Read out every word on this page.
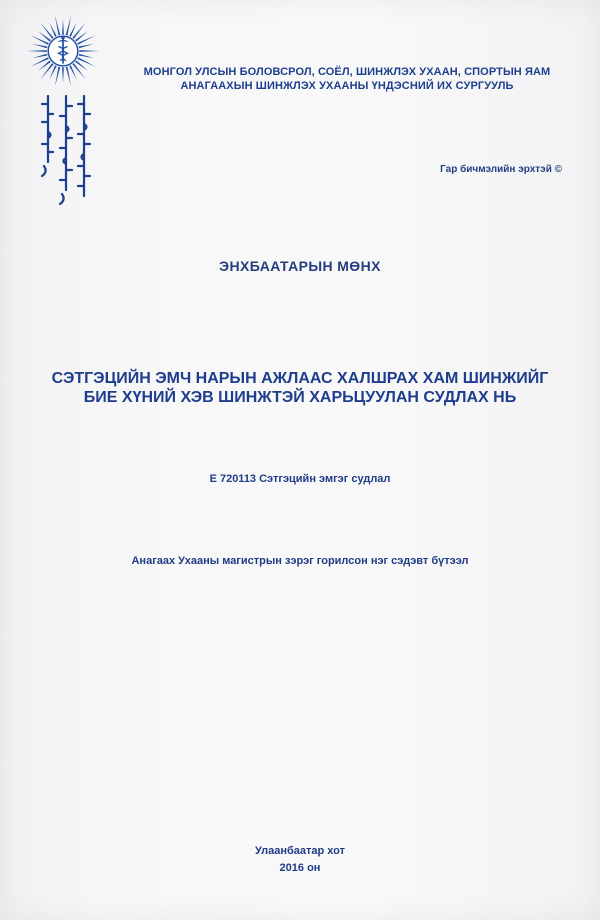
МОНГОЛ УЛСЫН БОЛОВСРОЛ, СОЁЛ, ШИНЖЛЭХ УХААН, СПОРТЫН ЯАМ
АНАГААХЫН ШИНЖЛЭХ УХААНЫ ҮНДЭСНИЙ ИХ СУРГУУЛЬ
Гар бичмэлийн эрхтэй ©
ЭНХБААТАРЫН МӨНХ
СЭТГЭЦИЙН ЭМЧ НАРЫН АЖЛААС ХАЛШРАХ ХАМ ШИНЖИЙГ
БИЕ ХҮНИЙ ХЭВ ШИНЖТЭЙ ХАРЬЦУУЛАН СУДЛАХ НЬ
Е 720113 Сэтгэцийн эмгэг судлал
Анагаах Ухааны магистрын зэрэг горилсон нэг сэдэвт бүтээл
Улаанбаатар хот
2016 он
